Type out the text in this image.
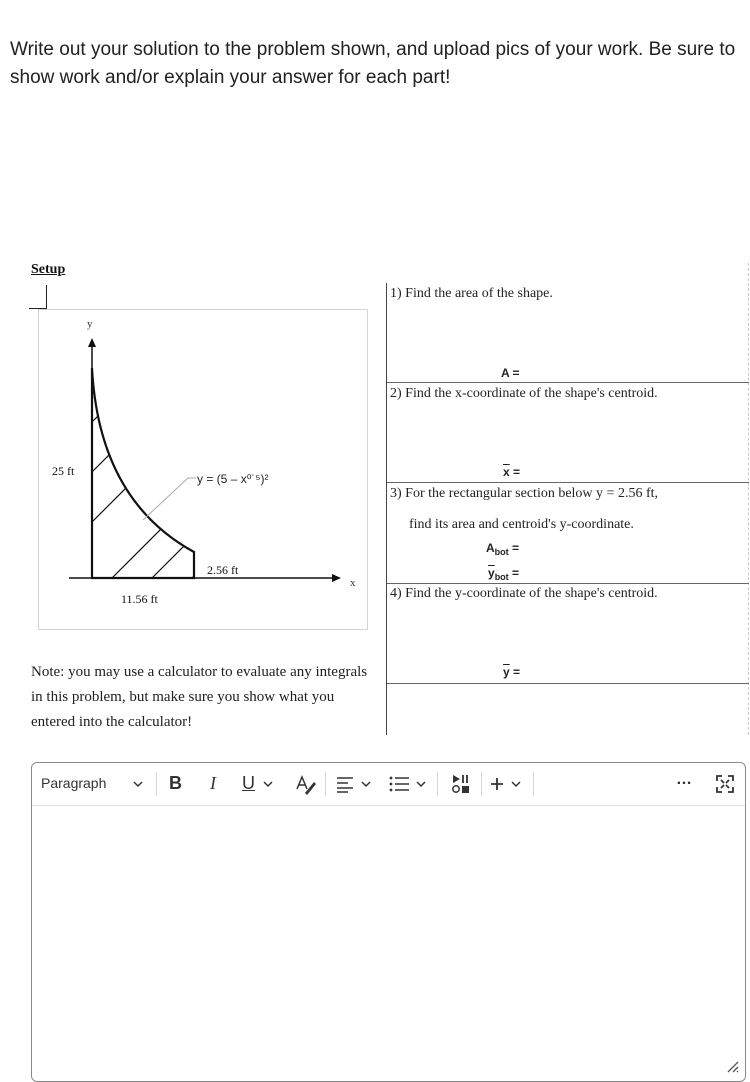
Write out your solution to the problem shown, and upload pics of your work. Be sure to show work and/or explain your answer for each part!

Setup

y
x
25 ft
y = (5 – x⁰˙⁵)²
2.56 ft
11.56 ft

Note: you may use a calculator to evaluate any integrals in this problem, but make sure you show what you entered into the calculator!

1) Find the area of the shape.
A =
2) Find the x-coordinate of the shape's centroid.
$\overline{x}$ =
3) For the rectangular section below y = 2.56 ft,
find its area and centroid's y-coordinate.
$A_{bot}$ =
$\overline{y}_{bot}$ =
4) Find the y-coordinate of the shape's centroid.
$\overline{y}$ =
Paragraph	B I U	…
